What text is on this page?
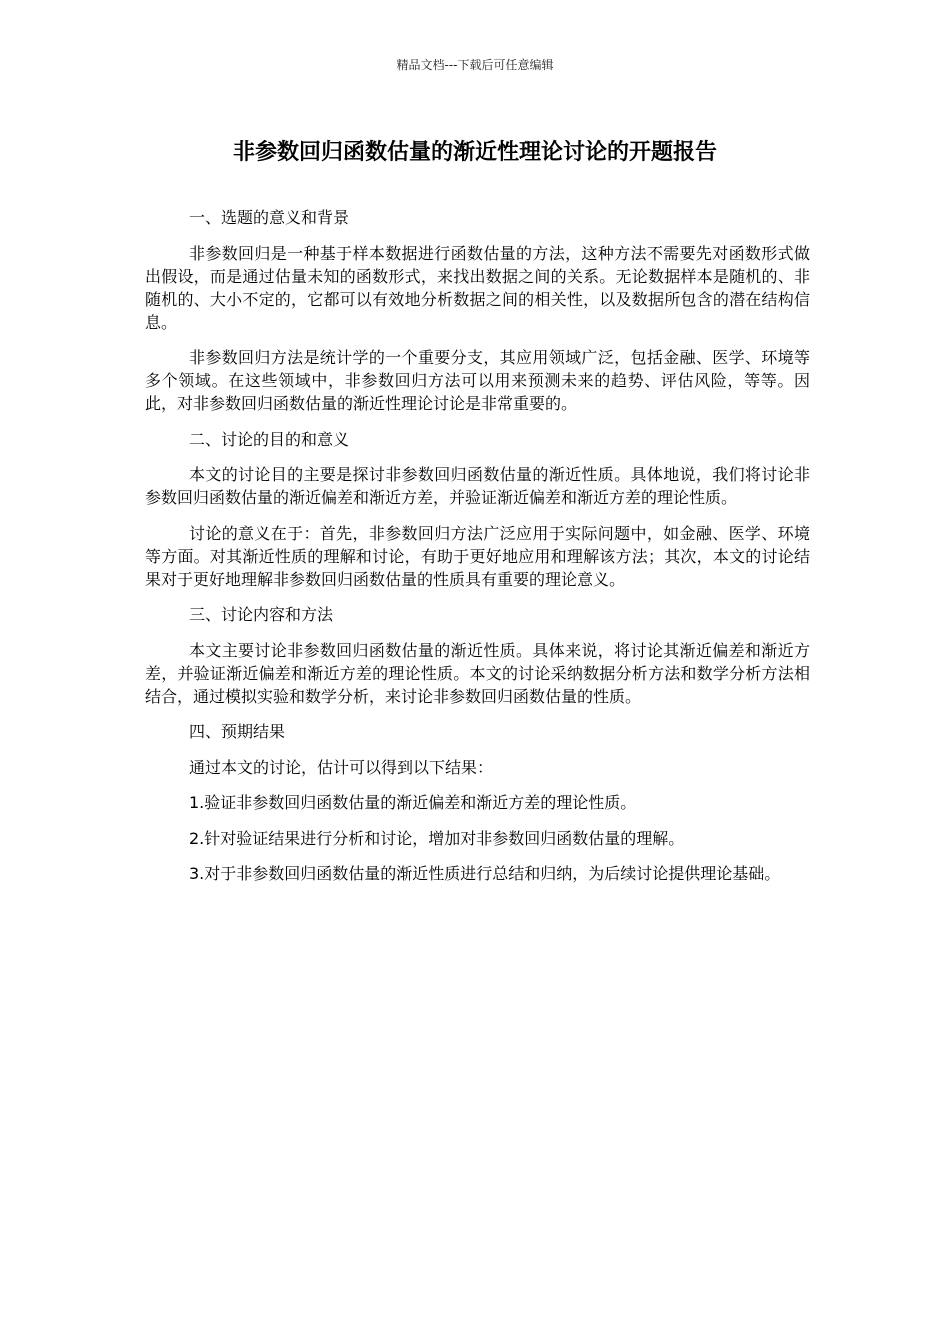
精品文档---下载后可任意编辑
非参数回归函数估量的渐近性理论讨论的开题报告

一、选题的意义和背景

非参数回归是一种基于样本数据进行函数估量的方法，这种方法不需要先对函数形式做出假设，而是通过估量未知的函数形式，来找出数据之间的关系。无论数据样本是随机的、非随机的、大小不定的，它都可以有效地分析数据之间的相关性，以及数据所包含的潜在结构信息。

非参数回归方法是统计学的一个重要分支，其应用领域广泛，包括金融、医学、环境等多个领域。在这些领域中，非参数回归方法可以用来预测未来的趋势、评估风险，等等。因此，对非参数回归函数估量的渐近性理论讨论是非常重要的。

二、讨论的目的和意义

本文的讨论目的主要是探讨非参数回归函数估量的渐近性质。具体地说，我们将讨论非参数回归函数估量的渐近偏差和渐近方差，并验证渐近偏差和渐近方差的理论性质。

讨论的意义在于：首先，非参数回归方法广泛应用于实际问题中，如金融、医学、环境等方面。对其渐近性质的理解和讨论，有助于更好地应用和理解该方法；其次，本文的讨论结果对于更好地理解非参数回归函数估量的性质具有重要的理论意义。

三、讨论内容和方法

本文主要讨论非参数回归函数估量的渐近性质。具体来说，将讨论其渐近偏差和渐近方差，并验证渐近偏差和渐近方差的理论性质。本文的讨论采纳数据分析方法和数学分析方法相结合，通过模拟实验和数学分析，来讨论非参数回归函数估量的性质。

四、预期结果

通过本文的讨论，估计可以得到以下结果：

1.验证非参数回归函数估量的渐近偏差和渐近方差的理论性质。

2.针对验证结果进行分析和讨论，增加对非参数回归函数估量的理解。

3.对于非参数回归函数估量的渐近性质进行总结和归纳，为后续讨论提供理论基础。
